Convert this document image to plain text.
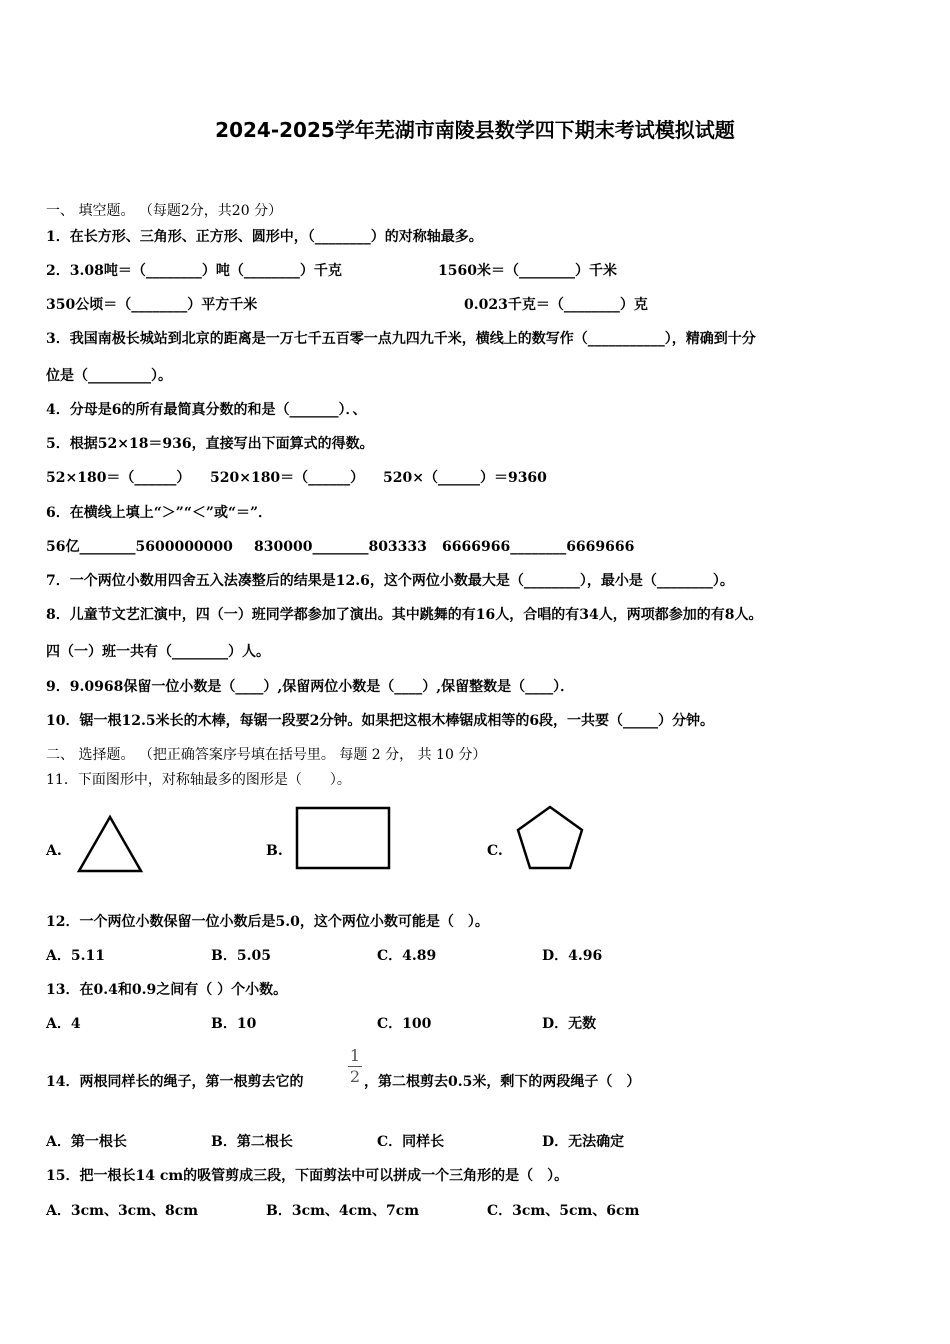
2024-2025学年芜湖市南陵县数学四下期末考试模拟试题
一、 填空题。 （每题2分，共20 分）
1．在长方形、三角形、正方形、圆形中，（________）的对称轴最多。
2．3.08吨＝（________）吨（________）千克	1560米＝（________）千米
350公顷＝（________）平方千米	0.023千克＝（________）克
3．我国南极长城站到北京的距离是一万七千五百零一点九四九千米，横线上的数写作（___________），精确到十分
位是（_________）。
4．分母是6的所有最简真分数的和是（_______）．、
5．根据52×18＝936，直接写出下面算式的得数。
52×180＝（______） 520×180＝（______） 520×（______）＝9360
6．在横线上填上“＞”“＜”或“＝”．
56亿________5600000000 830000________803333 6666966________6669666
7．一个两位小数用四舍五入法凑整后的结果是12.6，这个两位小数最大是（________），最小是（________）。
8．儿童节文艺汇演中，四（一）班同学都参加了演出。其中跳舞的有16人，合唱的有34人，两项都参加的有8人。
四（一）班一共有（________）人。
9．9.0968保留一位小数是（____）,保留两位小数是（____）,保留整数是（____）．
10．锯一根12.5米长的木棒，每锯一段要2分钟。如果把这根木棒锯成相等的6段，一共要（_____）分钟。
二、 选择题。 （把正确答案序号填在括号里。 每题 2 分， 共 10 分）
11．下面图形中，对称轴最多的图形是（　　）。
A.	B.	C.
12．一个两位小数保留一位小数后是5.0，这个两位小数可能是（　）。
A．5.11	B．5.05	C．4.89	D．4.96
13．在0.4和0.9之间有（ ）个小数。
A．4	B．10	C．100	D．无数
14．两根同样长的绳子，第一根剪去它的
1
2 ，第二根剪去0.5米，剩下的两段绳子（　）
A．第一根长	B．第二根长	C．同样长	D．无法确定
15．把一根长14 cm的吸管剪成三段，下面剪法中可以拼成一个三角形的是（　）。
A．3cm、3cm、8cm	B．3cm、4cm、7cm	C．3cm、5cm、6cm
